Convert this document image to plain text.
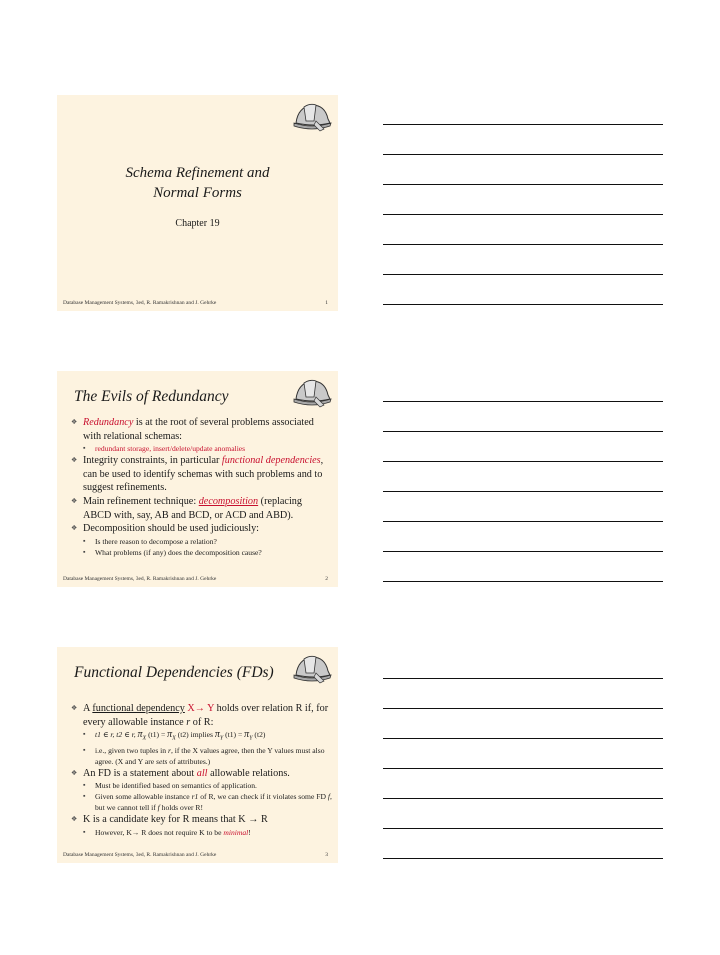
Schema Refinement and
Normal Forms
Chapter 19
Database Management Systems, 3ed, R. Ramakrishnan and J. Gehrke	1
The Evils of Redundancy

❖ Redundancy is at the root of several problems associated with relational schemas:

▪ redundant storage, insert/delete/update anomalies

❖ Integrity constraints, in particular functional dependencies, can be used to identify schemas with such problems and to suggest refinements.

❖ Main refinement technique: decomposition (replacing ABCD with, say, AB and BCD, or ACD and ABD).

❖ Decomposition should be used judiciously:

▪ Is there reason to decompose a relation?

▪ What problems (if any) does the decomposition cause?

Database Management Systems, 3ed, R. Ramakrishnan and J. Gehrke	2
Functional Dependencies (FDs)

❖ A functional dependency X→ Y holds over relation R if, for every allowable instance r of R:

▪ t1 ∈ r, t2 ∈ r, $\pi_X$ $(t1) = \pi_X$ (t2) implies $\pi_Y$ $(t1) = \pi_Y$ (t2)

▪ i.e., given two tuples in r, if the X values agree, then the Y values must also agree. (X and Y are sets of attributes.)

❖ An FD is a statement about all allowable relations.

▪ Must be identified based on semantics of application.

▪ Given some allowable instance r1 of R, we can check if it violates some FD f, but we cannot tell if f holds over R!

❖ K is a candidate key for R means that K → R

▪ However, K→ R does not require K to be minimal!

Database Management Systems, 3ed, R. Ramakrishnan and J. Gehrke	3
